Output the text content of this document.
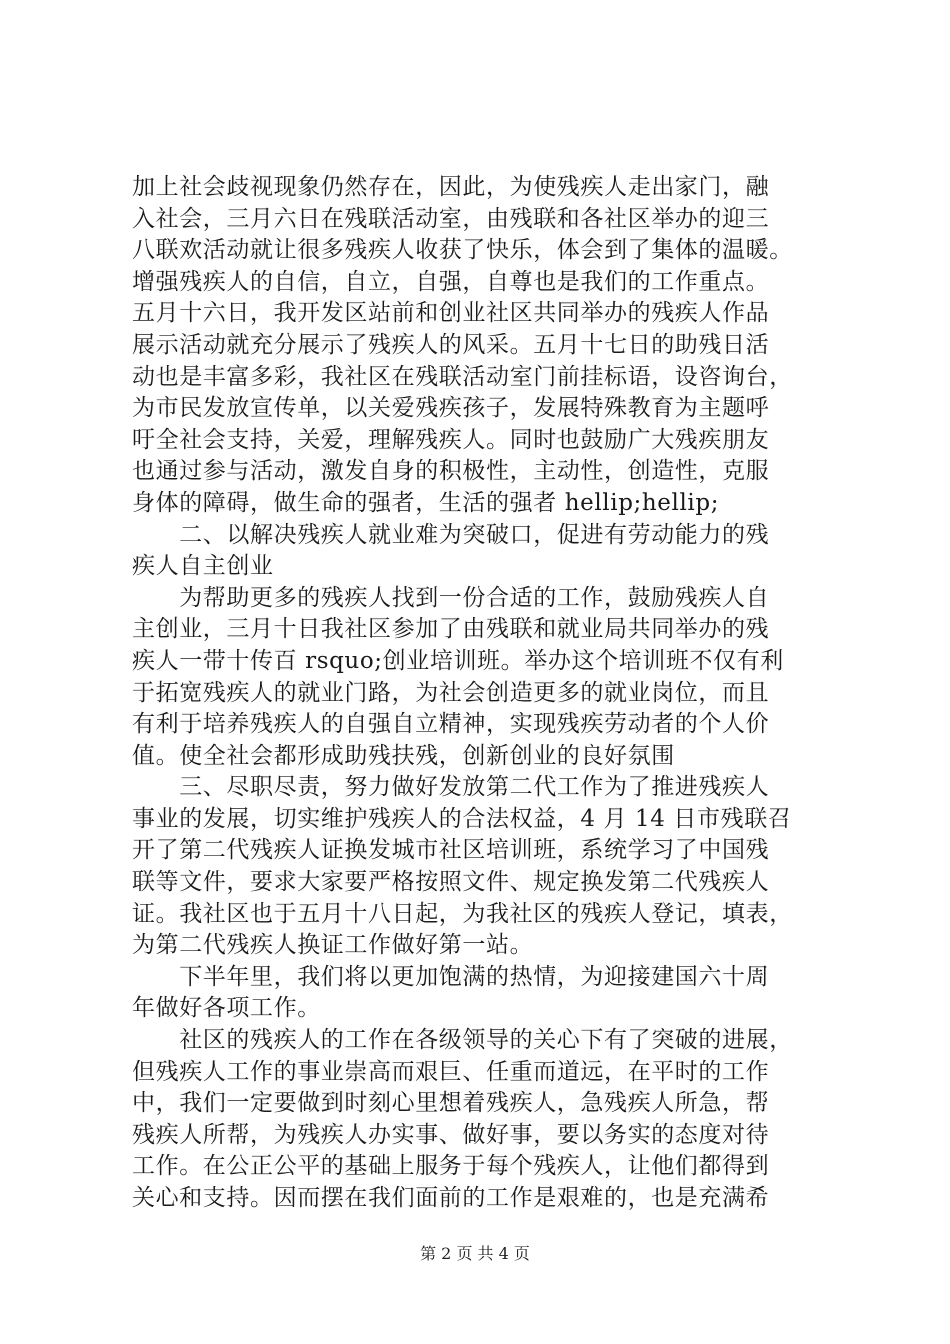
加上社会歧视现象仍然存在，因此，为使残疾人走出家门，融
入社会，三月六日在残联活动室，由残联和各社区举办的迎三
八联欢活动就让很多残疾人收获了快乐，体会到了集体的温暖。
增强残疾人的自信，自立，自强，自尊也是我们的工作重点。
五月十六日，我开发区站前和创业社区共同举办的残疾人作品
展示活动就充分展示了残疾人的风采。五月十七日的助残日活
动也是丰富多彩，我社区在残联活动室门前挂标语，设咨询台，
为市民发放宣传单，以关爱残疾孩子，发展特殊教育为主题呼
吁全社会支持，关爱，理解残疾人。同时也鼓励广大残疾朋友
也通过参与活动，激发自身的积极性，主动性，创造性，克服
身体的障碍，做生命的强者，生活的强者 hellip;hellip;
　　二、以解决残疾人就业难为突破口，促进有劳动能力的残
疾人自主创业
　　为帮助更多的残疾人找到一份合适的工作，鼓励残疾人自
主创业，三月十日我社区参加了由残联和就业局共同举办的残
疾人一带十传百 rsquo;创业培训班。举办这个培训班不仅有利
于拓宽残疾人的就业门路，为社会创造更多的就业岗位，而且
有利于培养残疾人的自强自立精神，实现残疾劳动者的个人价
值。使全社会都形成助残扶残，创新创业的良好氛围
　　三、尽职尽责，努力做好发放第二代工作为了推进残疾人
事业的发展，切实维护残疾人的合法权益，4 月 14 日市残联召
开了第二代残疾人证换发城市社区培训班，系统学习了中国残
联等文件，要求大家要严格按照文件、规定换发第二代残疾人
证。我社区也于五月十八日起，为我社区的残疾人登记，填表，
为第二代残疾人换证工作做好第一站。
　　下半年里，我们将以更加饱满的热情，为迎接建国六十周
年做好各项工作。
　　社区的残疾人的工作在各级领导的关心下有了突破的进展，
但残疾人工作的事业崇高而艰巨、任重而道远，在平时的工作
中，我们一定要做到时刻心里想着残疾人，急残疾人所急，帮
残疾人所帮，为残疾人办实事、做好事，要以务实的态度对待
工作。在公正公平的基础上服务于每个残疾人，让他们都得到
关心和支持。因而摆在我们面前的工作是艰难的，也是充满希
第 2 页 共 4 页
